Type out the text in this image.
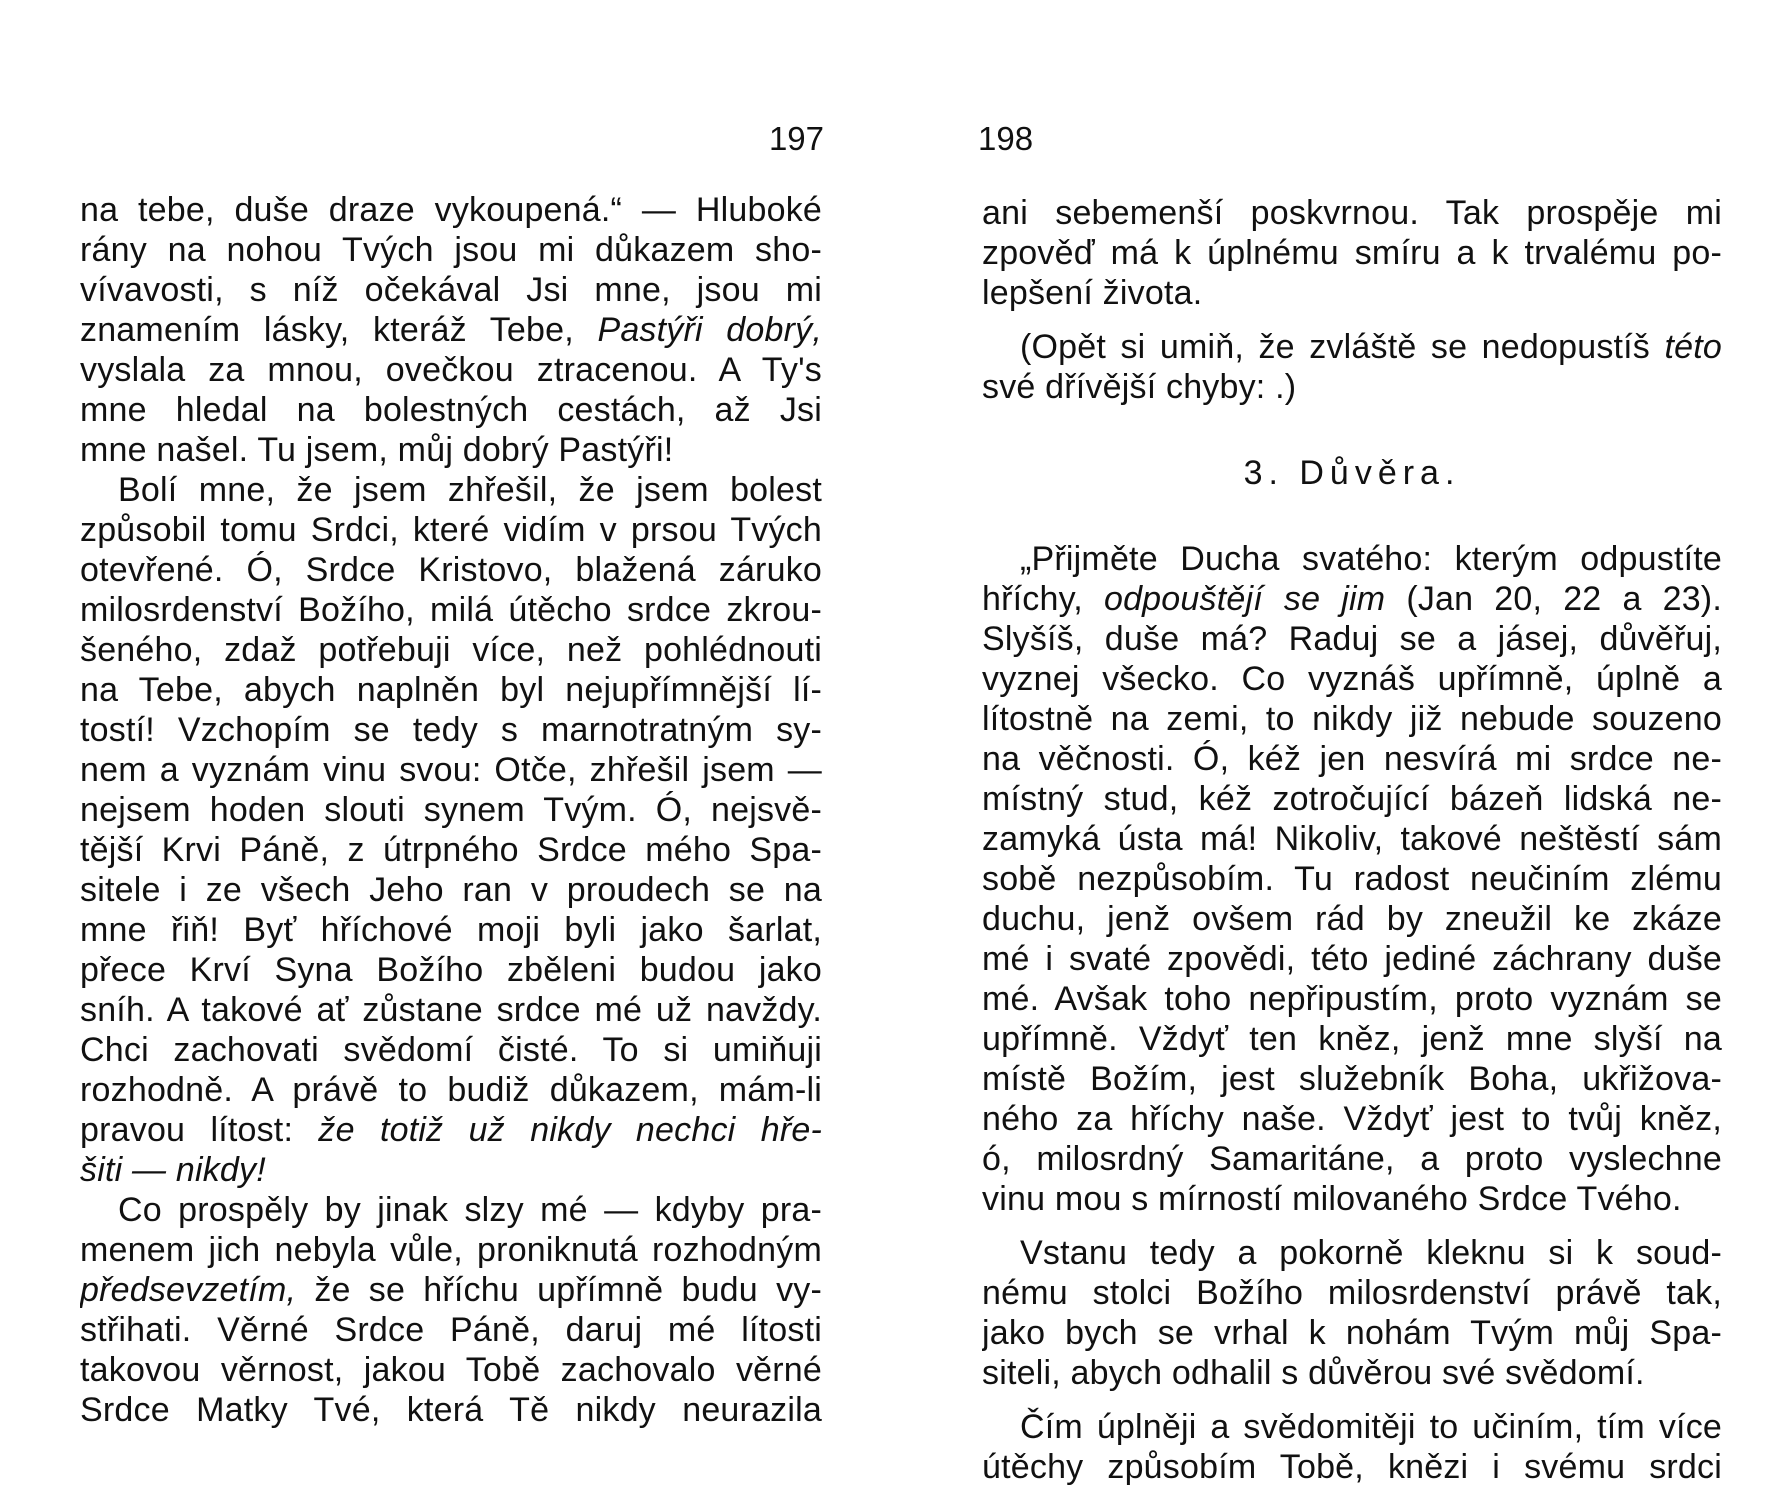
197
na tebe, duše draze vykoupená.“ — Hluboké
rány na nohou Tvých jsou mi důkazem sho-
vívavosti, s níž očekával Jsi mne, jsou mi
znamením lásky, kteráž Tebe, Pastýři dobrý,
vyslala za mnou, ovečkou ztracenou. A Ty's
mne hledal na bolestných cestách, až Jsi
mne našel. Tu jsem, můj dobrý Pastýři!
Bolí mne, že jsem zhřešil, že jsem bolest
způsobil tomu Srdci, které vidím v prsou Tvých
otevřené. Ó, Srdce Kristovo, blažená záruko
milosrdenství Božího, milá útěcho srdce zkrou-
šeného, zdaž potřebuji více, než pohlédnouti
na Tebe, abych naplněn byl nejupřímnější lí-
tostí! Vzchopím se tedy s marnotratným sy-
nem a vyznám vinu svou: Otče, zhřešil jsem —
nejsem hoden slouti synem Tvým. Ó, nejsvě-
tější Krvi Páně, z útrpného Srdce mého Spa-
sitele i ze všech Jeho ran v proudech se na
mne řiň! Byť hříchové moji byli jako šarlat,
přece Krví Syna Božího zběleni budou jako
sníh. A takové ať zůstane srdce mé už navždy.
Chci zachovati svědomí čisté. To si umiňuji
rozhodně. A právě to budiž důkazem, mám-li
pravou lítost: že totiž už nikdy nechci hře-
šiti — nikdy!
Co prospěly by jinak slzy mé — kdyby pra-
menem jich nebyla vůle, proniknutá rozhodným
předsevzetím, že se hříchu upřímně budu vy-
střihati. Věrné Srdce Páně, daruj mé lítosti
takovou věrnost, jakou Tobě zachovalo věrné
Srdce Matky Tvé, která Tě nikdy neurazila
198
ani sebemenší poskvrnou. Tak prospěje mi
zpověď má k úplnému smíru a k trvalému po-
lepšení života.
(Opět si umiň, že zvláště se nedopustíš této
své dřívější chyby: .)
3. Důvěra.
„Přijměte Ducha svatého: kterým odpustíte
hříchy, odpouštějí se jim (Jan 20, 22 a 23).
Slyšíš, duše má? Raduj se a jásej, důvěřuj,
vyznej všecko. Co vyznáš upřímně, úplně a
lítostně na zemi, to nikdy již nebude souzeno
na věčnosti. Ó, kéž jen nesvírá mi srdce ne-
místný stud, kéž zotročující bázeň lidská ne-
zamyká ústa má! Nikoliv, takové neštěstí sám
sobě nezpůsobím. Tu radost neučiním zlému
duchu, jenž ovšem rád by zneužil ke zkáze
mé i svaté zpovědi, této jediné záchrany duše
mé. Avšak toho nepřipustím, proto vyznám se
upřímně. Vždyť ten kněz, jenž mne slyší na
místě Božím, jest služebník Boha, ukřižova-
ného za hříchy naše. Vždyť jest to tvůj kněz,
ó, milosrdný Samaritáne, a proto vyslechne
vinu mou s mírností milovaného Srdce Tvého.
Vstanu tedy a pokorně kleknu si k soud-
nému stolci Božího milosrdenství právě tak,
jako bych se vrhal k nohám Tvým můj Spa-
siteli, abych odhalil s důvěrou své svědomí.
Čím úplněji a svědomitěji to učiním, tím více
útěchy způsobím Tobě, knězi i svému srdci
